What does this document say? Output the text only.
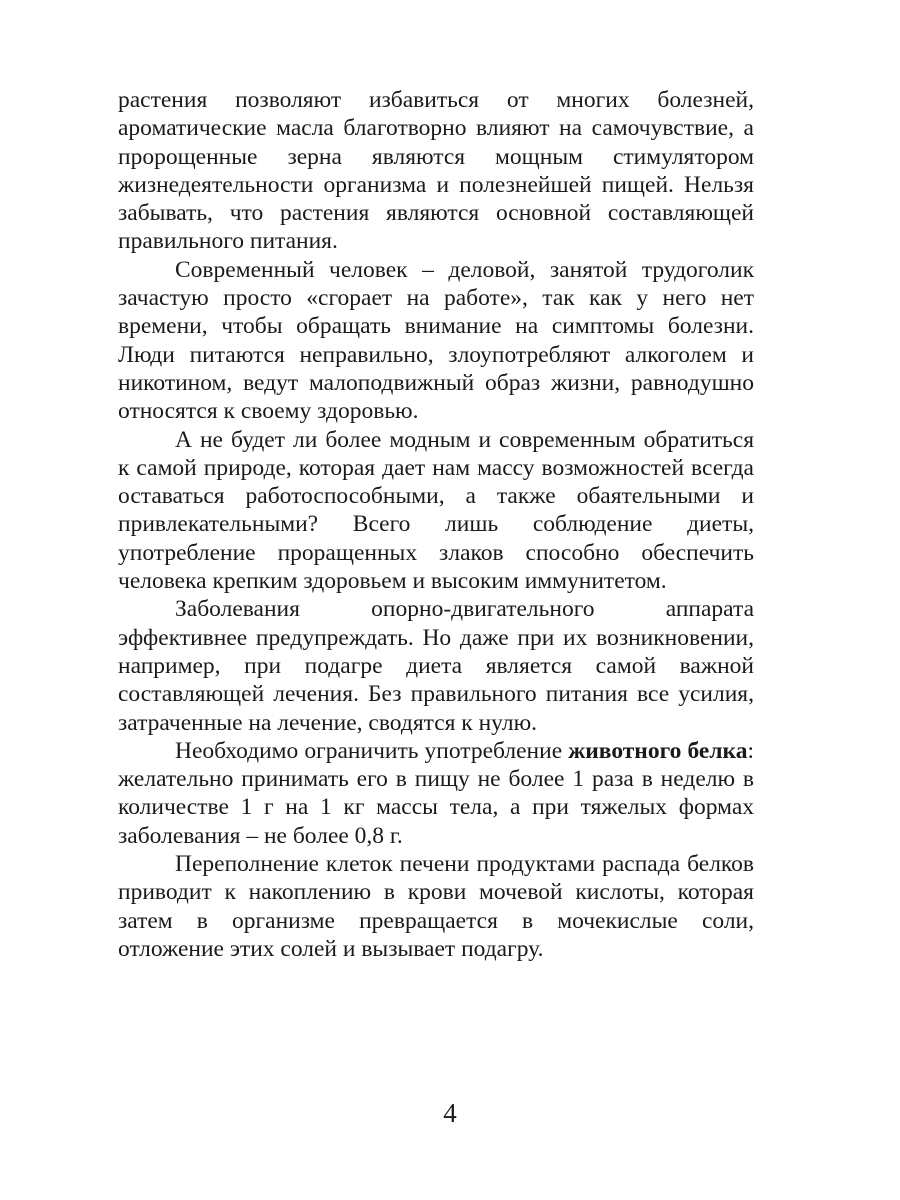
растения позволяют избавиться от многих болезней, ароматические масла благотворно влияют на самочувствие, а пророщенные зерна являются мощным стимулятором жизнедеятельности организма и полезнейшей пищей. Нельзя забывать, что растения являются основной составляющей правильного питания.

Современный человек – деловой, занятой трудоголик зачастую просто «сгорает на работе», так как у него нет времени, чтобы обращать внимание на симптомы болезни. Люди питаются неправильно, злоупотребляют алкоголем и никотином, ведут малоподвижный образ жизни, равнодушно относятся к своему здоровью.

А не будет ли более модным и современным обратиться к самой природе, которая дает нам массу возможностей всегда оставаться работоспособными, а также обаятельными и привлекательными? Всего лишь соблюдение диеты, употребление проращенных злаков способно обеспечить человека крепким здоровьем и высоким иммунитетом.

Заболевания опорно-двигательного аппарата эффективнее предупреждать. Но даже при их возникновении, например, при подагре диета является самой важной составляющей лечения. Без правильного питания все усилия, затраченные на лечение, сводятся к нулю.

Необходимо ограничить употребление животного белка: желательно принимать его в пищу не более 1 раза в неделю в количестве 1 г на 1 кг массы тела, а при тяжелых формах заболевания – не более 0,8 г.

Переполнение клеток печени продуктами распада белков приводит к накоплению в крови мочевой кислоты, которая затем в организме превращается в мочекислые соли, отложение этих солей и вызывает подагру.

4
